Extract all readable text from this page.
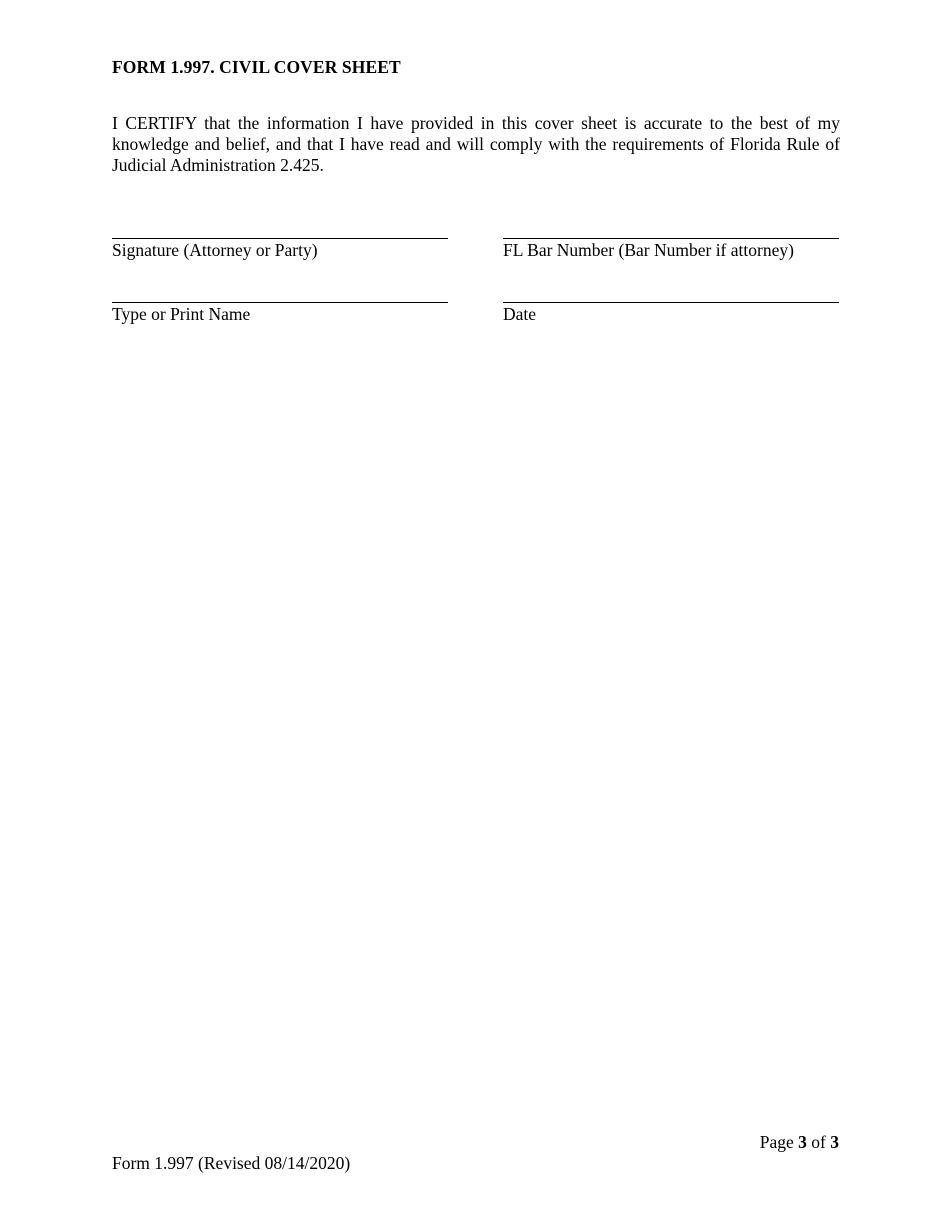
FORM 1.997. CIVIL COVER SHEET

I CERTIFY that the information I have provided in this cover sheet is accurate to the best of my knowledge and belief, and that I have read and will comply with the requirements of Florida Rule of Judicial Administration 2.425.

Signature (Attorney or Party)	FL Bar Number (Bar Number if attorney)
Type or Print Name	Date
Page 3 of 3
Form 1.997 (Revised 08/14/2020)
